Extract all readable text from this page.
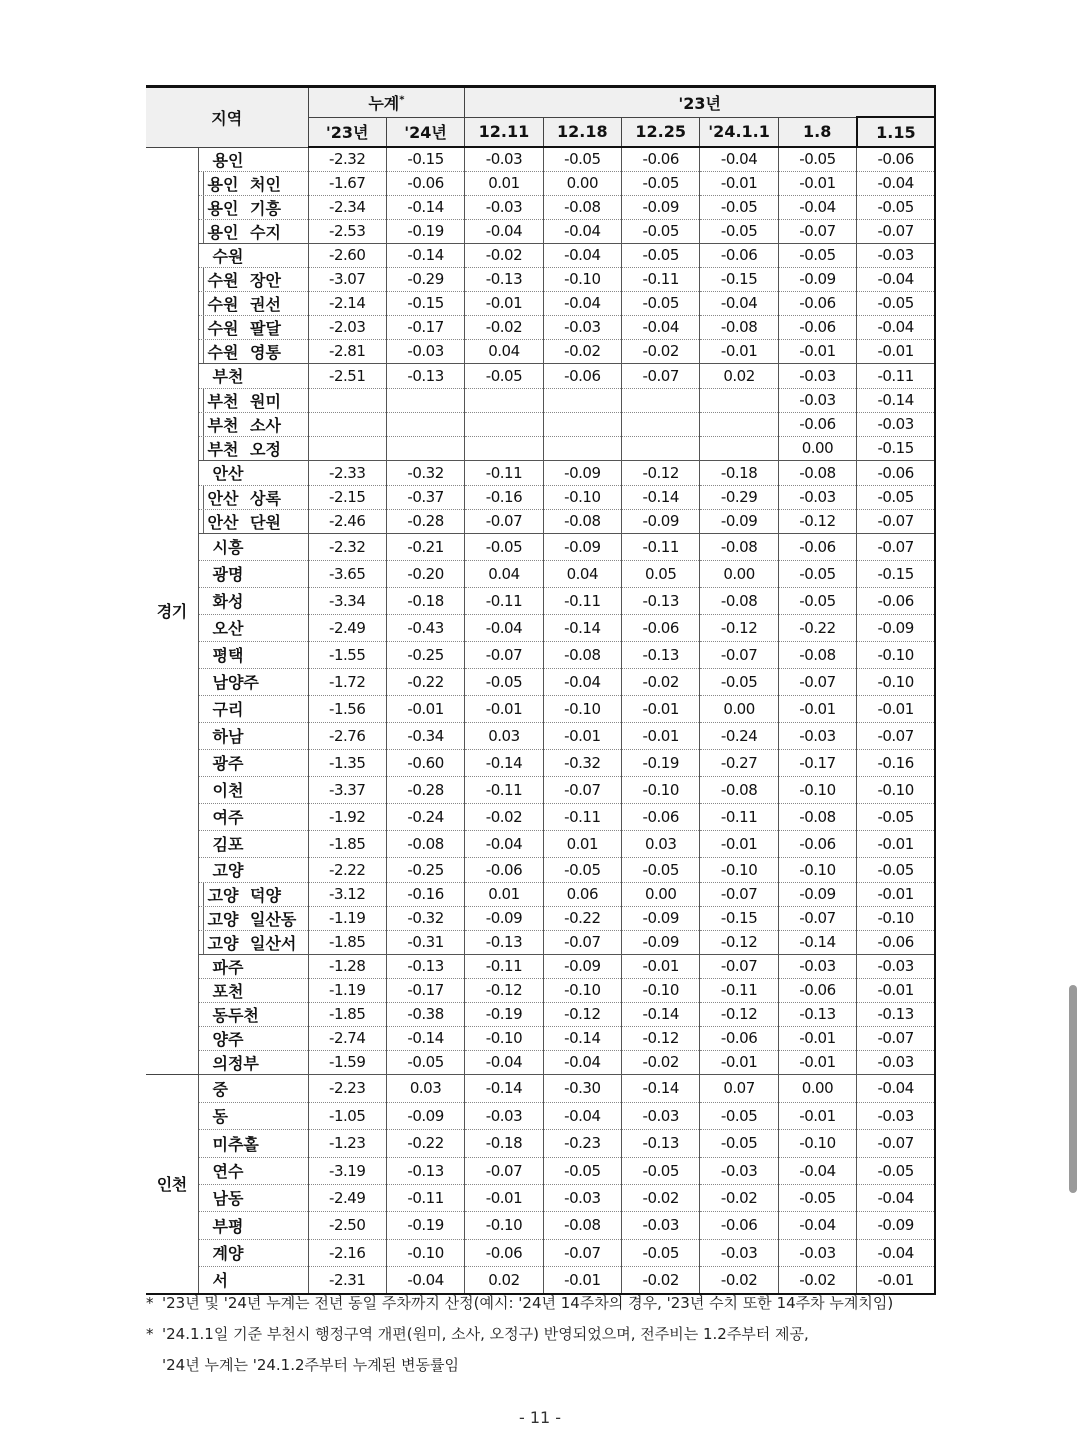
지역		누계*		'23년					
		'23년	'24년	12.11	12.18	12.25	'24.1.1	1.8	1.15
경기	용인	-2.32	-0.15	-0.03	-0.05	-0.06	-0.04	-0.05	-0.06
	용인 처인	-1.67	-0.06	0.01	0.00	-0.05	-0.01	-0.01	-0.04
	용인 기흥	-2.34	-0.14	-0.03	-0.08	-0.09	-0.05	-0.04	-0.05
	용인 수지	-2.53	-0.19	-0.04	-0.04	-0.05	-0.05	-0.07	-0.07
	수원	-2.60	-0.14	-0.02	-0.04	-0.05	-0.06	-0.05	-0.03
	수원 장안	-3.07	-0.29	-0.13	-0.10	-0.11	-0.15	-0.09	-0.04
	수원 권선	-2.14	-0.15	-0.01	-0.04	-0.05	-0.04	-0.06	-0.05
	수원 팔달	-2.03	-0.17	-0.02	-0.03	-0.04	-0.08	-0.06	-0.04
	수원 영통	-2.81	-0.03	0.04	-0.02	-0.02	-0.01	-0.01	-0.01
	부천	-2.51	-0.13	-0.05	-0.06	-0.07	0.02	-0.03	-0.11
	부천 원미							-0.03	-0.14
	부천 소사							-0.06	-0.03
	부천 오정							0.00	-0.15
	안산	-2.33	-0.32	-0.11	-0.09	-0.12	-0.18	-0.08	-0.06
	안산 상록	-2.15	-0.37	-0.16	-0.10	-0.14	-0.29	-0.03	-0.05
	안산 단원	-2.46	-0.28	-0.07	-0.08	-0.09	-0.09	-0.12	-0.07
	시흥	-2.32	-0.21	-0.05	-0.09	-0.11	-0.08	-0.06	-0.07
	광명	-3.65	-0.20	0.04	0.04	0.05	0.00	-0.05	-0.15
	화성	-3.34	-0.18	-0.11	-0.11	-0.13	-0.08	-0.05	-0.06
	오산	-2.49	-0.43	-0.04	-0.14	-0.06	-0.12	-0.22	-0.09
	평택	-1.55	-0.25	-0.07	-0.08	-0.13	-0.07	-0.08	-0.10
	남양주	-1.72	-0.22	-0.05	-0.04	-0.02	-0.05	-0.07	-0.10
	구리	-1.56	-0.01	-0.01	-0.10	-0.01	0.00	-0.01	-0.01
	하남	-2.76	-0.34	0.03	-0.01	-0.01	-0.24	-0.03	-0.07
	광주	-1.35	-0.60	-0.14	-0.32	-0.19	-0.27	-0.17	-0.16
	이천	-3.37	-0.28	-0.11	-0.07	-0.10	-0.08	-0.10	-0.10
	여주	-1.92	-0.24	-0.02	-0.11	-0.06	-0.11	-0.08	-0.05
	김포	-1.85	-0.08	-0.04	0.01	0.03	-0.01	-0.06	-0.01
	고양	-2.22	-0.25	-0.06	-0.05	-0.05	-0.10	-0.10	-0.05
	고양 덕양	-3.12	-0.16	0.01	0.06	0.00	-0.07	-0.09	-0.01
	고양 일산동	-1.19	-0.32	-0.09	-0.22	-0.09	-0.15	-0.07	-0.10
	고양 일산서	-1.85	-0.31	-0.13	-0.07	-0.09	-0.12	-0.14	-0.06
	파주	-1.28	-0.13	-0.11	-0.09	-0.01	-0.07	-0.03	-0.03
	포천	-1.19	-0.17	-0.12	-0.10	-0.10	-0.11	-0.06	-0.01
	동두천	-1.85	-0.38	-0.19	-0.12	-0.14	-0.12	-0.13	-0.13
	양주	-2.74	-0.14	-0.10	-0.14	-0.12	-0.06	-0.01	-0.07
	의정부	-1.59	-0.05	-0.04	-0.04	-0.02	-0.01	-0.01	-0.03
인천	중	-2.23	0.03	-0.14	-0.30	-0.14	0.07	0.00	-0.04
	동	-1.05	-0.09	-0.03	-0.04	-0.03	-0.05	-0.01	-0.03
	미추홀	-1.23	-0.22	-0.18	-0.23	-0.13	-0.05	-0.10	-0.07
	연수	-3.19	-0.13	-0.07	-0.05	-0.05	-0.03	-0.04	-0.05
	남동	-2.49	-0.11	-0.01	-0.03	-0.02	-0.02	-0.05	-0.04
	부평	-2.50	-0.19	-0.10	-0.08	-0.03	-0.06	-0.04	-0.09
	계양	-2.16	-0.10	-0.06	-0.07	-0.05	-0.03	-0.03	-0.04
	서	-2.31	-0.04	0.02	-0.01	-0.02	-0.02	-0.02	-0.01
* '23년 및 '24년 누계는 전년 동일 주차까지 산정(예시: '24년 14주차의 경우, '23년 수치 또한 14주차 누계치임)
* '24.1.1일 기준 부천시 행정구역 개편(원미, 소사, 오정구) 반영되었으며, 전주비는 1.2주부터 제공,
'24년 누계는 '24.1.2주부터 누계된 변동률임
- 11 -
